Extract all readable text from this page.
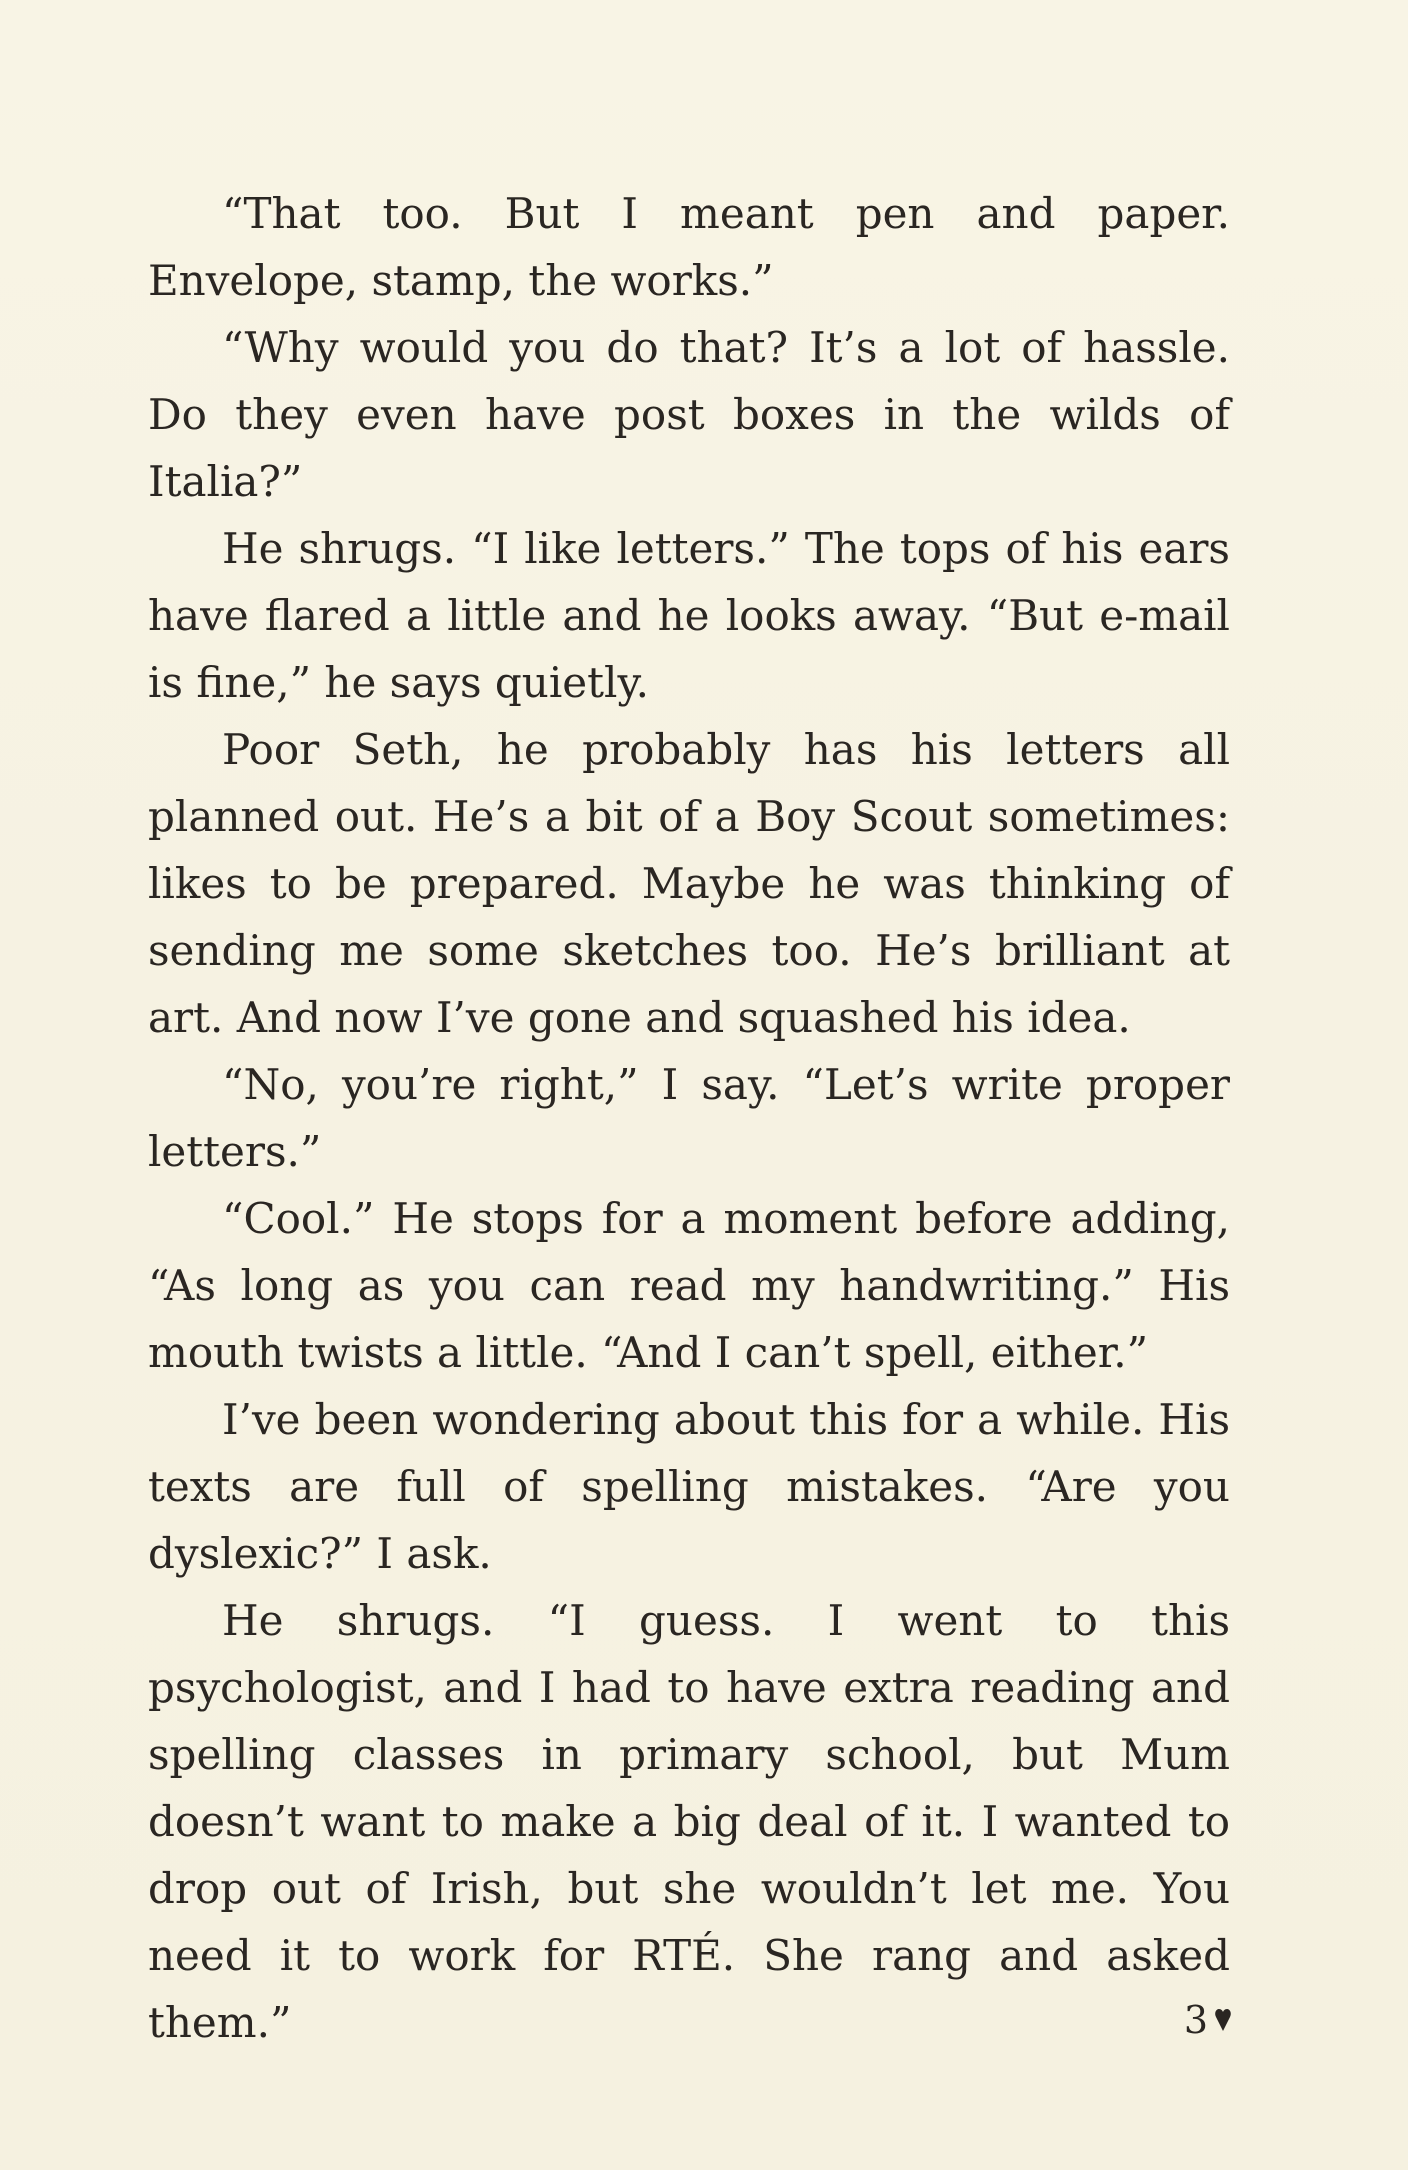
“That too. But I meant pen and paper. Envelope, stamp, the works.”

“Why would you do that? It’s a lot of hassle. Do they even have post boxes in the wilds of Italia?”

He shrugs. “I like letters.” The tops of his ears have flared a little and he looks away. “But e-mail is fine,” he says quietly.

Poor Seth, he probably has his letters all planned out. He’s a bit of a Boy Scout sometimes: likes to be prepared. Maybe he was thinking of sending me some sketches too. He’s brilliant at art. And now I’ve gone and squashed his idea.

“No, you’re right,” I say. “Let’s write proper letters.”

“Cool.” He stops for a moment before adding, “As long as you can read my handwriting.” His mouth twists a little. “And I can’t spell, either.”

I’ve been wondering about this for a while. His texts are full of spelling mistakes. “Are you dyslexic?” I ask.

He shrugs. “I guess. I went to this psychologist, and I had to have extra reading and spelling classes in primary school, but Mum doesn’t want to make a big deal of it. I wanted to drop out of Irish, but she wouldn’t let me. You need it to work for RTÉ. She rang and asked them.”	3
